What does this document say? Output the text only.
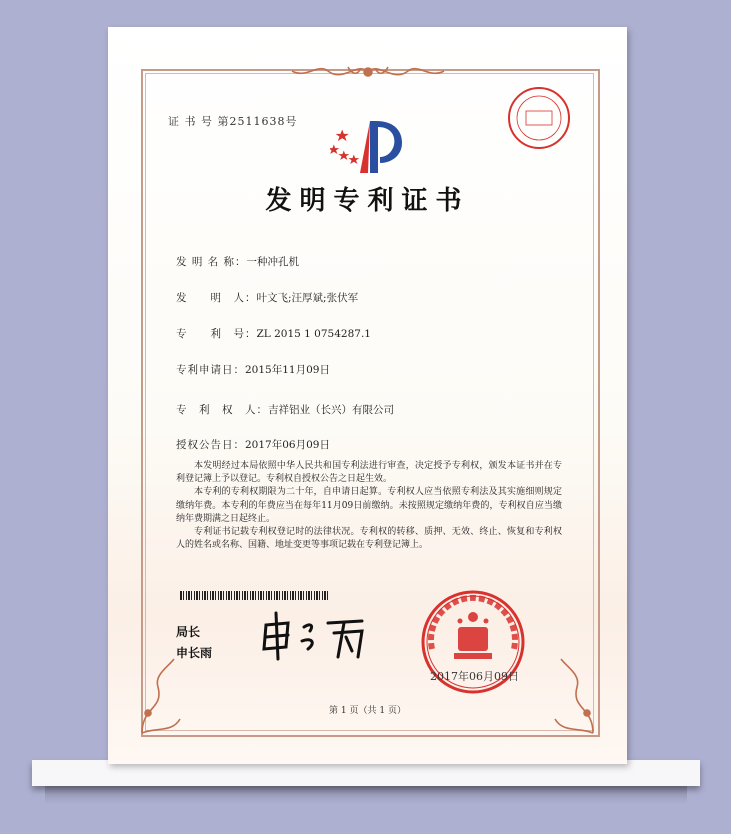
证 书 号 第2511638号
发明专利证书
发 明 名 称：一种冲孔机
发　　明　人：叶文飞;汪厚斌;张伏军
专　　利　号：ZL 2015 1 0754287.1
专利申请日：2015年11月09日
专　利　权　人：吉祥铝业（长兴）有限公司
授权公告日：2017年06月09日

本发明经过本局依照中华人民共和国专利法进行审查，决定授予专利权，颁发本证书并在专利登记簿上予以登记。专利权自授权公告之日起生效。

本专利的专利权期限为二十年，自申请日起算。专利权人应当依照专利法及其实施细则规定缴纳年费。本专利的年费应当在每年11月09日前缴纳。未按照规定缴纳年费的，专利权自应当缴纳年费期满之日起终止。

专利证书记载专利权登记时的法律状况。专利权的转移、质押、无效、终止、恢复和专利权人的姓名或名称、国籍、地址变更等事项记载在专利登记簿上。

局长
申长雨
2017年06月09日
第 1 页（共 1 页）
